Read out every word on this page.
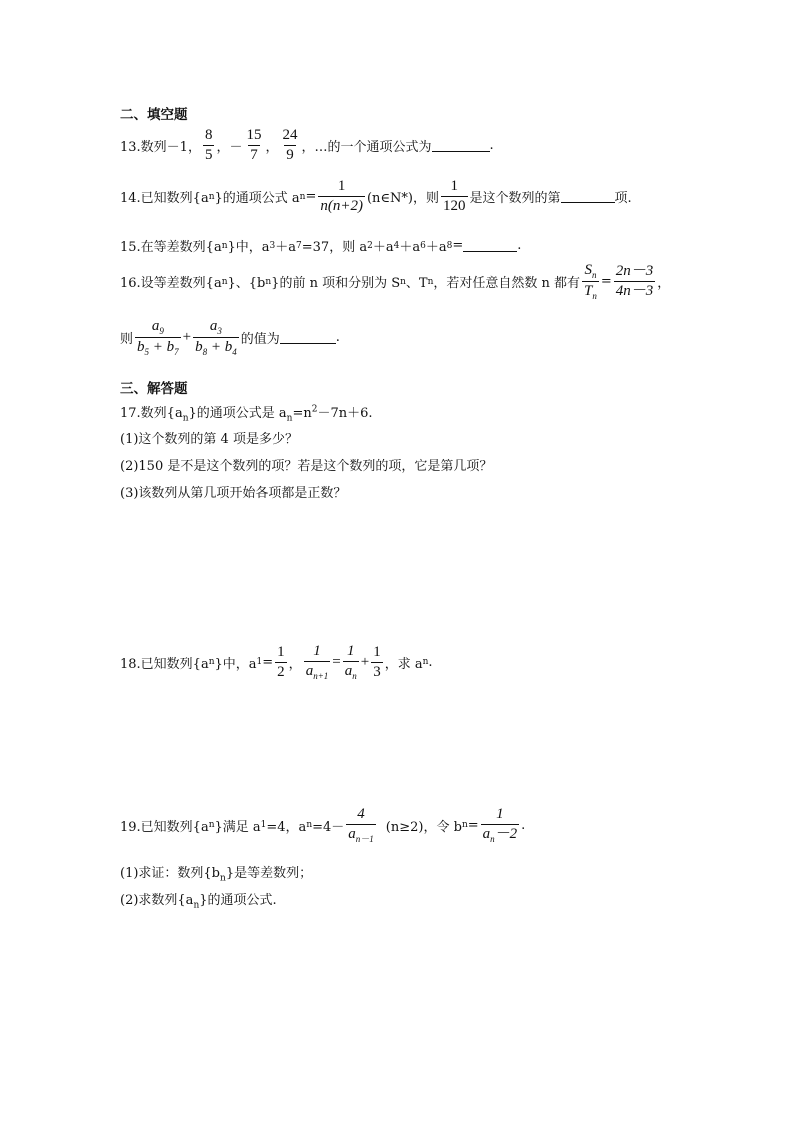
二、填空题
13.数列－1， $\frac{8}{5}$ ，－ $\frac{15}{7}$ ， $\frac{24}{9}$ ，…的一个通项公式为	.
14.已知数列{a n }的通项公式 a $n = \frac{1}{n(n+2)}$ (n∈N*)，则 $\frac{1}{120}$ 是这个数列的第	项.
15.在等差数列{a n }中，a 3 ＋a 7 =37，则 a 2 ＋a 4 ＋a 6 ＋a 8 =	.
16.设等差数列{a n }、{b n }的前 n 项和分别为 S n 、T n ，若对任意自然数 n 都有 $\frac{S_n}{T_n} = \frac{2n-3}{4n-3}$ ，
则 $\frac{a_9}{b_5 + b_7} + \frac{a_3}{b_8 + b_4}$ 的值为	.
三、解答题
17.数列$\{a_n\}$的通项公式是 $a_n=n^2-7n+6$.
(1)这个数列的第 4 项是多少？
(2)150 是不是这个数列的项？若是这个数列的项，它是第几项？
(3)该数列从第几项开始各项都是正数？
18.已知数列{a n }中，a $1 = \frac{1}{2}$ ， $\frac{1}{a_{n+1}} = \frac{1}{a_n} + \frac{1}{3}$ ，求 a n .
19.已知数列{a n }满足 a 1 =4，a $n =4- \frac{4}{a_{n-1}} (n\ge 2)$，令 b $n = \frac{1}{a_n-2}$ .
(1)求证：数列$\{b_n\}$是等差数列；
(2)求数列$\{a_n\}$的通项公式.
